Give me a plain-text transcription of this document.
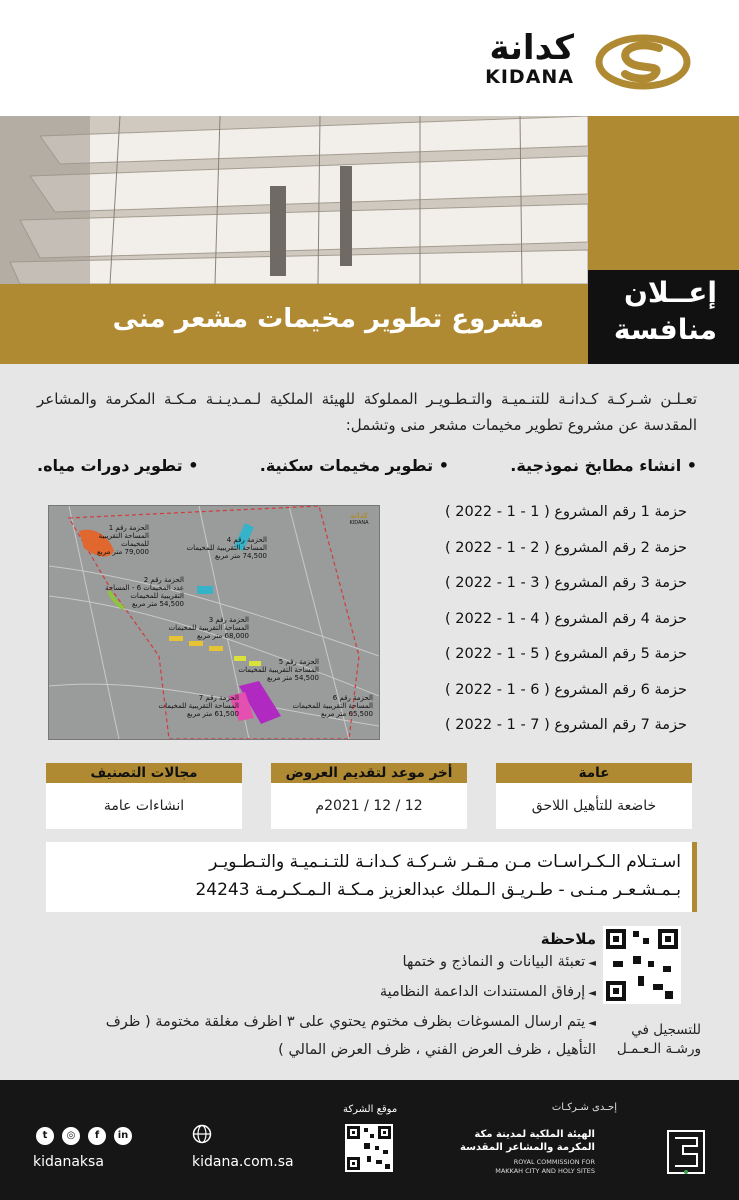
كدانة
KIDANA
مشروع تطوير مخيمات مشعر منى
إعــلان
منافسة
تعـلـن شـركـة كـدانـة للتنـميـة والتـطـويـر المملوكة للهيئة الملكية لـمـديـنـة مـكـة المكرمة والمشاعر المقدسة عن مشروع تطوير مخيمات مشعر منى وتشمل:
• انشاء مطابخ نموذجية.
• تطوير مخيمات سكنية.
• تطوير دورات مياه.
كدانة
KIDANA
الحزمة رقم 1
المساحة التقريبية للمخيمات
79,000 متر مربع
الحزمة رقم 4
المساحة التقريبية للمخيمات
74,500 متر مربع
الحزمة رقم 2
عدد المخيمات 6 - المساحة التقريبية للمخيمات
54,500 متر مربع
الحزمة رقم 3
المساحة التقريبية للمخيمات
68,000 متر مربع
الحزمة رقم 5
المساحة التقريبية للمخيمات
54,500 متر مربع
الحزمة رقم 7
المساحة التقريبية للمخيمات
61,500 متر مربع
الحزمة رقم 6
المساحة التقريبية للمخيمات
65,500 متر مربع
حزمة 1 رقم المشروع ( 1 - 1 - 2022 )
حزمة 2 رقم المشروع ( 2 - 1 - 2022 )
حزمة 3 رقم المشروع ( 3 - 1 - 2022 )
حزمة 4 رقم المشروع ( 4 - 1 - 2022 )
حزمة 5 رقم المشروع ( 5 - 1 - 2022 )
حزمة 6 رقم المشروع ( 6 - 1 - 2022 )
حزمة 7 رقم المشروع ( 7 - 1 - 2022 )
عامة
خاضعة للتأهيل اللاحق
أخر موعد لتقديم العروض
12 / 12 / 2021م
مجالات التصنيف
انشاءات عامة
اسـتـلام الـكـراسـات مـن مـقـر شـركـة كـدانـة للتـنـميـة والتـطـويـر
بـمـشـعـر مـنـى - طـريـق الـملك عبدالعزيز مـكـة الـمـكـرمـة 24243
ملاحظة
◄ تعبئة البيانات و النماذج و ختمها
◄ إرفاق المستندات الداعمة النظامية
◄ يتم ارسال المسوغات بظرف مختوم يحتوي على ٣ اظرف مغلقة مختومة ( ظرف
التأهيل ، ظرف العرض الفني ، ظرف العرض المالي )
للتسجيل في
ورشـة الـعـمـل
t	◎	f	in
kidanaksa	kidana.com.sa
موقع الشركة	إحـدى شـركـات
الهيئة الملكية لمدينة مكة
المكرمة والمشاعر المقدسة
ROYAL COMMISSION FOR
MAKKAH CITY AND HOLY SITES
